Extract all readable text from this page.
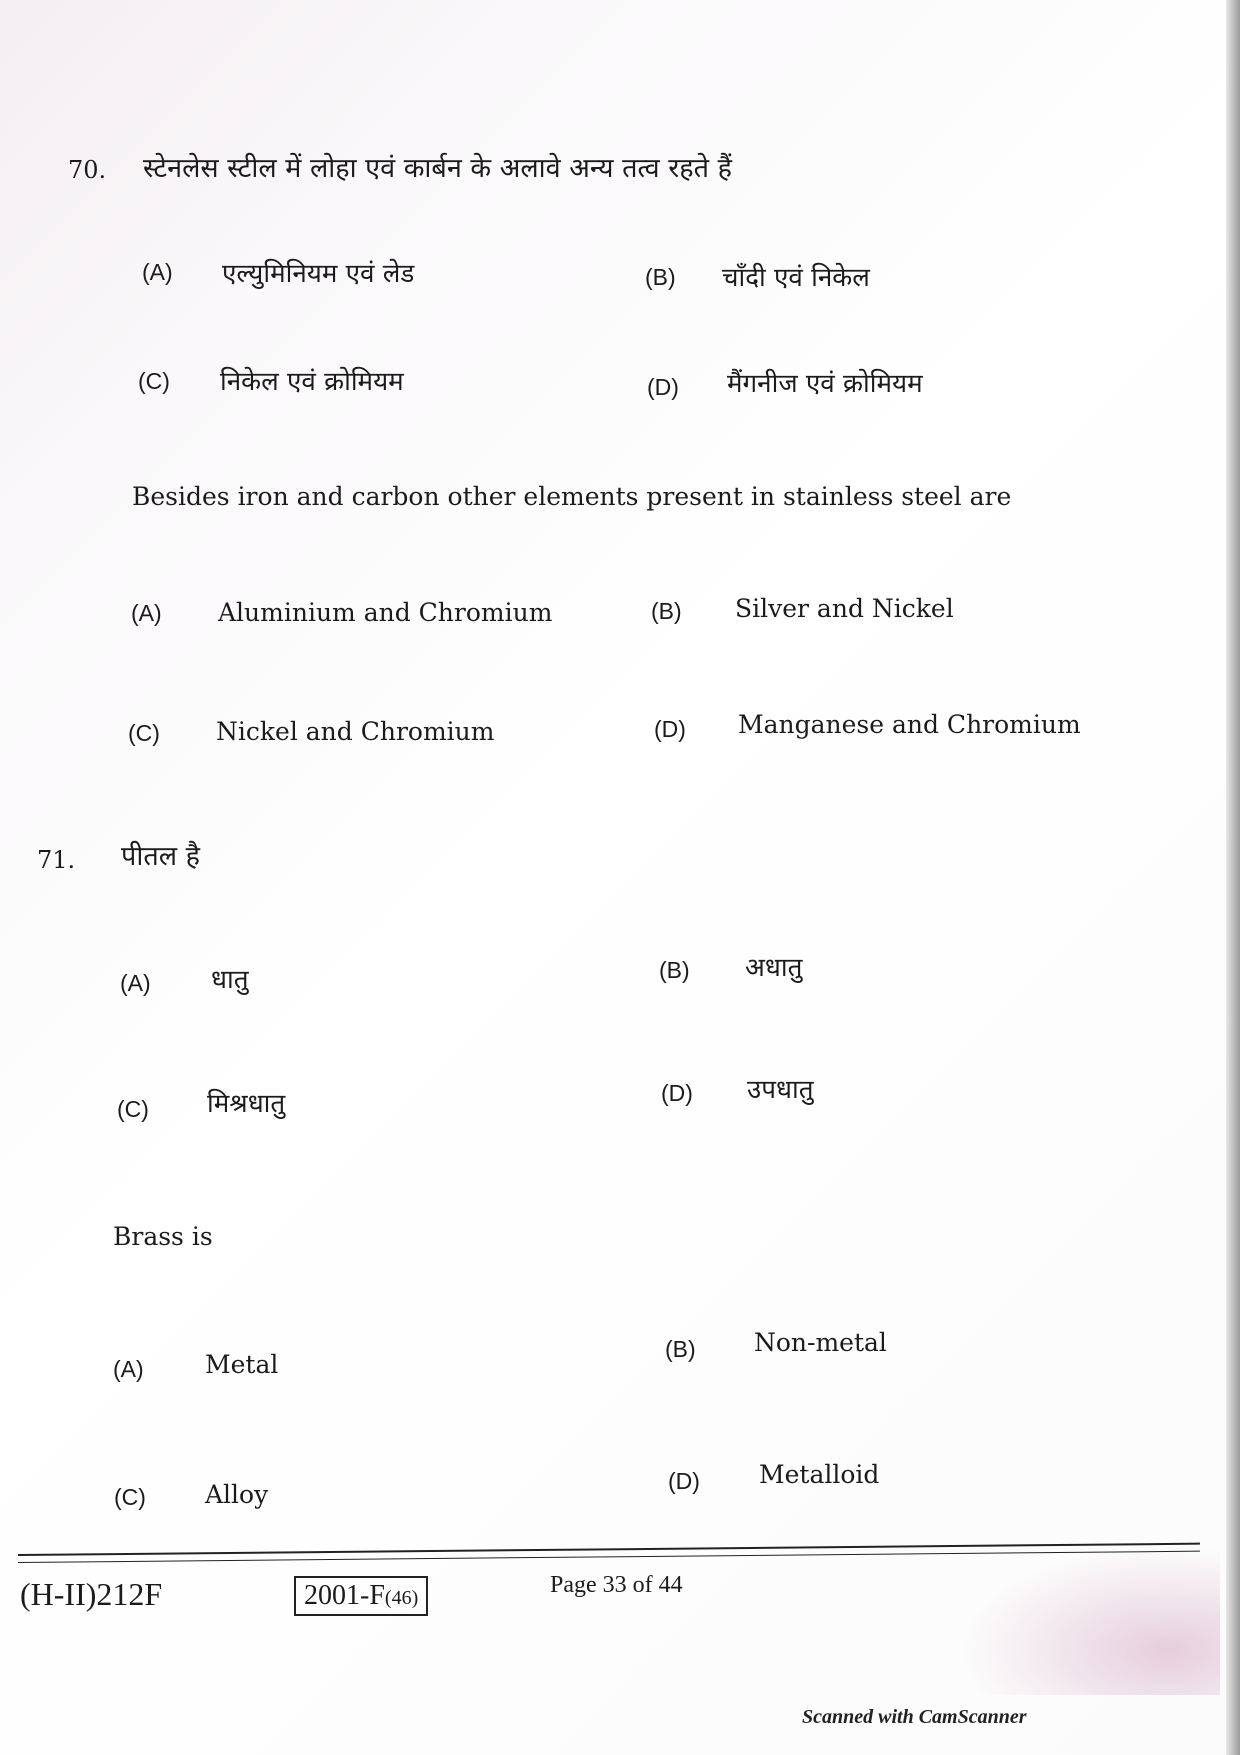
70. स्टेनलेस स्टील में लोहा एवं कार्बन के अलावे अन्य तत्व रहते हैं
(A) एल्युमिनियम एवं लेड	(B) चाँदी एवं निकेल
(C) निकेल एवं क्रोमियम	(D) मैंगनीज एवं क्रोमियम
Besides iron and carbon other elements present in stainless steel are
(A) Aluminium and Chromium	(B) Silver and Nickel
(C) Nickel and Chromium	(D) Manganese and Chromium
71. पीतल है
(A) धातु	(B) अधातु
(C) मिश्रधातु	(D) उपधातु
Brass is
(A) Metal
(B) Non-metal
(C) Alloy	(D) Metalloid
(H-II)212F	2001-F(46)	Page 33 of 44
Scanned with CamScanner
